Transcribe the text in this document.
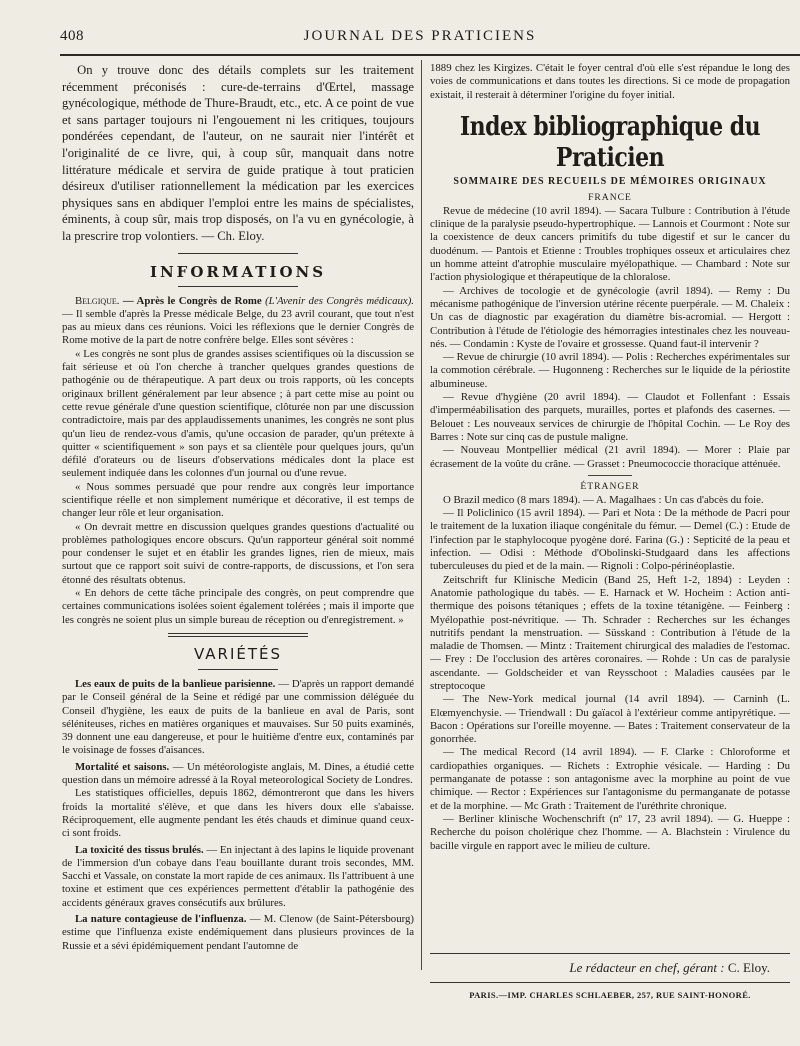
408	JOURNAL DES PRATICIENS

On y trouve donc des détails complets sur les traitement récemment préconisés : cure-de-terrains d'Œrtel, massage gynécologique, méthode de Thure-Braudt, etc., etc. A ce point de vue et sans partager toujours ni l'engouement ni les critiques, toujours pondérées cependant, de l'auteur, on ne saurait nier l'intérêt et l'originalité de ce livre, qui, à coup sûr, manquait dans notre littérature médicale et servira de guide pratique à tout praticien désireux d'utiliser rationnellement la médication par les exercices physiques sans en abdiquer l'emploi entre les mains de spécialistes, éminents, à coup sûr, mais trop disposés, on l'a vu en gynécologie, à la prescrire trop volontiers. — Ch. Eloy.

INFORMATIONS

Belgique. — Après le Congrès de Rome (L'Avenir des Congrès médicaux). — Il semble d'après la Presse médicale Belge, du 23 avril courant, que tout n'est pas au mieux dans ces réunions. Voici les réflexions que le dernier Congrès de Rome motive de la part de notre confrère belge. Elles sont sévères :

« Les congrès ne sont plus de grandes assises scientifiques où la discussion se fait sérieuse et où l'on cherche à trancher quelques grandes questions de pathogénie ou de thérapeutique. A part deux ou trois rapports, où les concepts originaux brillent généralement par leur absence ; à part cette mise au point ou cette revue générale d'une question scientifique, clôturée non par une discussion contradictoire, mais par des applaudissements unanimes, les congrès ne sont plus qu'un lieu de rendez-vous d'amis, qu'une occasion de parader, qu'un prétexte à quitter « scientifiquement » son pays et sa clientèle pour quelques jours, qu'un défilé d'orateurs ou de liseurs d'observations médicales dont la place est seulement indiquée dans les colonnes d'un journal ou d'une revue.

« Nous sommes persuadé que pour rendre aux congrès leur importance scientifique réelle et non simplement numérique et décorative, il est temps de changer leur rôle et leur organisation.

« On devrait mettre en discussion quelques grandes questions d'actualité ou problèmes pathologiques encore obscurs. Qu'un rapporteur général soit nommé pour condenser le sujet et en établir les grandes lignes, rien de mieux, mais surtout que ce rapport soit suivi de contre-rapports, de discussions, et l'on sera étonné des résultats obtenus.

« En dehors de cette tâche principale des congrès, on peut comprendre que certaines communications isolées soient également tolérées ; mais il importe que les congrès ne soient plus un simple bureau de réception ou d'enregistrement. »

VARIÉTÉS

Les eaux de puits de la banlieue parisienne. — D'après un rapport demandé par le Conseil général de la Seine et rédigé par une commission déléguée du Conseil d'hygiène, les eaux de puits de la banlieue en aval de Paris, sont séléniteuses, riches en matières organiques et mauvaises. Sur 50 puits examinés, 39 donnent une eau dangereuse, et pour le huitième d'entre eux, contaminés par le voisinage de fosses d'aisances.

Mortalité et saisons. — Un météorologiste anglais, M. Dines, a étudié cette question dans un mémoire adressé à la Royal meteorological Society de Londres.

Les statistiques officielles, depuis 1862, démontreront que dans les hivers froids la mortalité s'élève, et que dans les hivers doux elle s'abaisse. Réciproquement, elle augmente pendant les étés chauds et diminue quand ceux-ci sont froids.

La toxicité des tissus brulés. — En injectant à des lapins le liquide provenant de l'immersion d'un cobaye dans l'eau bouillante durant trois secondes, MM. Sacchi et Vassale, on constate la mort rapide de ces animaux. Ils l'attribuent à une toxine et estiment que ces expériences permettent d'établir la pathogénie des accidents généraux graves consécutifs aux brûlures.

La nature contagieuse de l'influenza. — M. Clenow (de Saint-Pétersbourg) estime que l'influenza existe endémiquement dans plusieurs provinces de la Russie et a sévi épidémiquement pendant l'automne de

1889 chez les Kirgizes. C'était le foyer central d'où elle s'est répandue le long des voies de communications et dans toutes les directions. Si ce mode de propagation existait, il resterait à déterminer l'origine du foyer initial.

Index bibliographique du Praticien
SOMMAIRE DES RECUEILS DE MÉMOIRES ORIGINAUX
FRANCE

Revue de médecine (10 avril 1894). — Sacara Tulbure : Contribution à l'étude clinique de la paralysie pseudo-hypertrophique. — Lannois et Courmont : Note sur la coexistence de deux cancers primitifs du tube digestif et sur le cancer du duodénum. — Pantois et Etienne : Troubles trophiques osseux et articulaires chez un homme atteint d'atrophie musculaire myélopathique. — Chambard : Note sur l'action physiologique et thérapeutique de la chloralose.

— Archives de tocologie et de gynécologie (avril 1894). — Remy : Du mécanisme pathogénique de l'inversion utérine récente puerpérale. — M. Chaleix : Un cas de diagnostic par exagération du diamètre bis-acromial. — Hergott : Contribution à l'étude de l'étiologie des hémorragies intestinales chez les nouveau-nés. — Condamin : Kyste de l'ovaire et grossesse. Quand faut-il intervenir ?

— Revue de chirurgie (10 avril 1894). — Polis : Recherches expérimentales sur la commotion cérébrale. — Hugonneng : Recherches sur le liquide de la périostite albumineuse.

— Revue d'hygiène (20 avril 1894). — Claudot et Follenfant : Essais d'imperméabilisation des parquets, murailles, portes et plafonds des casernes. — Belouet : Les nouveaux services de chirurgie de l'hôpital Cochin. — Le Roy des Barres : Note sur cinq cas de pustule maligne.

— Nouveau Montpellier médical (21 avril 1894). — Morer : Plaie par écrasement de la voûte du crâne. — Grasset : Pneumococcie thoracique atténuée.

ÉTRANGER

O Brazil medico (8 mars 1894). — A. Magalhaes : Un cas d'abcès du foie.

— Il Policlinico (15 avril 1894). — Pari et Nota : De la méthode de Pacri pour le traitement de la luxation iliaque congénitale du fémur. — Demel (C.) : Etude de l'infection par le staphylocoque pyogène doré. Farina (G.) : Septicité de la peau et infection. — Odisi : Méthode d'Obolinski-Studgaard dans les affections tuberculeuses du pied et de la main. — Rignoli : Colpo-périnéoplastie.

Zeitschrift fur Klinische Medicin (Band 25, Heft 1-2, 1894) : Leyden : Anatomie pathologique du tabès. — E. Harnack et W. Hocheim : Action anti-thermique des poisons tétaniques ; effets de la toxine tétanigène. — Feinberg : Myélopathie post-névritique. — Th. Schrader : Recherches sur les échanges nutritifs pendant la menstruation. — Süsskand : Contribution à l'étude de la maladie de Thomsen. — Mintz : Traitement chirurgical des maladies de l'estomac. — Frey : De l'occlusion des artères coronaires. — Rohde : Un cas de paralysie ascendante. — Goldscheider et van Reysschoot : Maladies causées par le streptocoque

— The New-York medical journal (14 avril 1894). — Carninh (L. Elœmyenchysie. — Triendwall : Du gaïacol à l'extérieur comme antipyrétique. — Bacon : Opérations sur l'oreille moyenne. — Bates : Traitement conservateur de la gonorrhée.

— The medical Record (14 avril 1894). — F. Clarke : Chloroforme et cardiopathies organiques. — Richets : Extrophie vésicale. — Harding : Du permanganate de potasse : son antagonisme avec la morphine au point de vue chimique. — Rector : Expériences sur l'antagonisme du permanganate de potasse et de la morphine. — Mc Grath : Traitement de l'uréthrite chronique.

— Berliner klinische Wochenschrift (nº 17, 23 avril 1894). — G. Hueppe : Recherche du poison cholérique chez l'homme. — A. Blachstein : Virulence du bacille virgule en rapport avec le milieu de culture.

Le rédacteur en chef, gérant : C. Eloy.
PARIS.—IMP. CHARLES SCHLAEBER, 257, RUE SAINT-HONORÉ.
